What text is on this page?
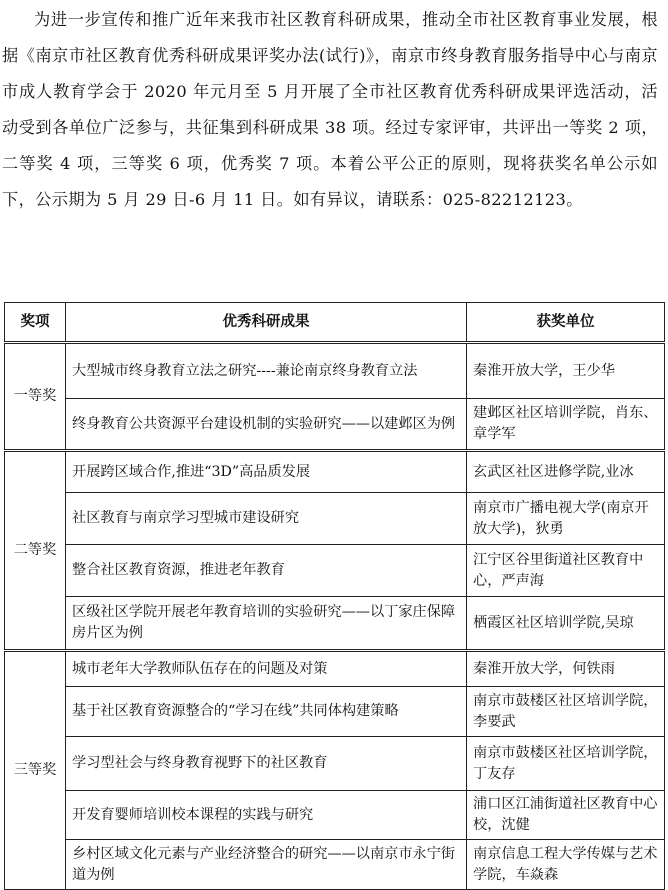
为进一步宣传和推广近年来我市社区教育科研成果，推动全市社区教育事业发展，根据《南京市社区教育优秀科研成果评奖办法(试行)》，南京市终身教育服务指导中心与南京市成人教育学会于 2020 年元月至 5 月开展了全市社区教育优秀科研成果评选活动，活动受到各单位广泛参与，共征集到科研成果 38 项。经过专家评审，共评出一等奖 2 项，二等奖 4 项，三等奖 6 项，优秀奖 7 项。本着公平公正的原则，现将获奖名单公示如下，公示期为 5 月 29 日-6 月 11 日。如有异议，请联系：025-82212123。

奖项	优秀科研成果	获奖单位
一等奖	大型城市终身教育立法之研究----兼论南京终身教育立法	秦淮开放大学，王少华
	终身教育公共资源平台建设机制的实验研究——以建邺区为例	建邺区社区培训学院，肖东、章学军
二等奖	开展跨区域合作,推进“3D”高品质发展	玄武区社区进修学院,业冰
	社区教育与南京学习型城市建设研究	南京市广播电视大学(南京开放大学)，狄勇
	整合社区教育资源，推进老年教育	江宁区谷里街道社区教育中心，严声海
	区级社区学院开展老年教育培训的实验研究——以丁家庄保障房片区为例	栖霞区社区培训学院,吴琼
三等奖	城市老年大学教师队伍存在的问题及对策	秦淮开放大学，何铁雨
	基于社区教育资源整合的“学习在线”共同体构建策略	南京市鼓楼区社区培训学院，李要武
	学习型社会与终身教育视野下的社区教育	南京市鼓楼区社区培训学院，丁友存
	开发育婴师培训校本课程的实践与研究	浦口区江浦街道社区教育中心校，沈健
	乡村区域文化元素与产业经济整合的研究——以南京市永宁街道为例	南京信息工程大学传媒与艺术学院，车焱森
